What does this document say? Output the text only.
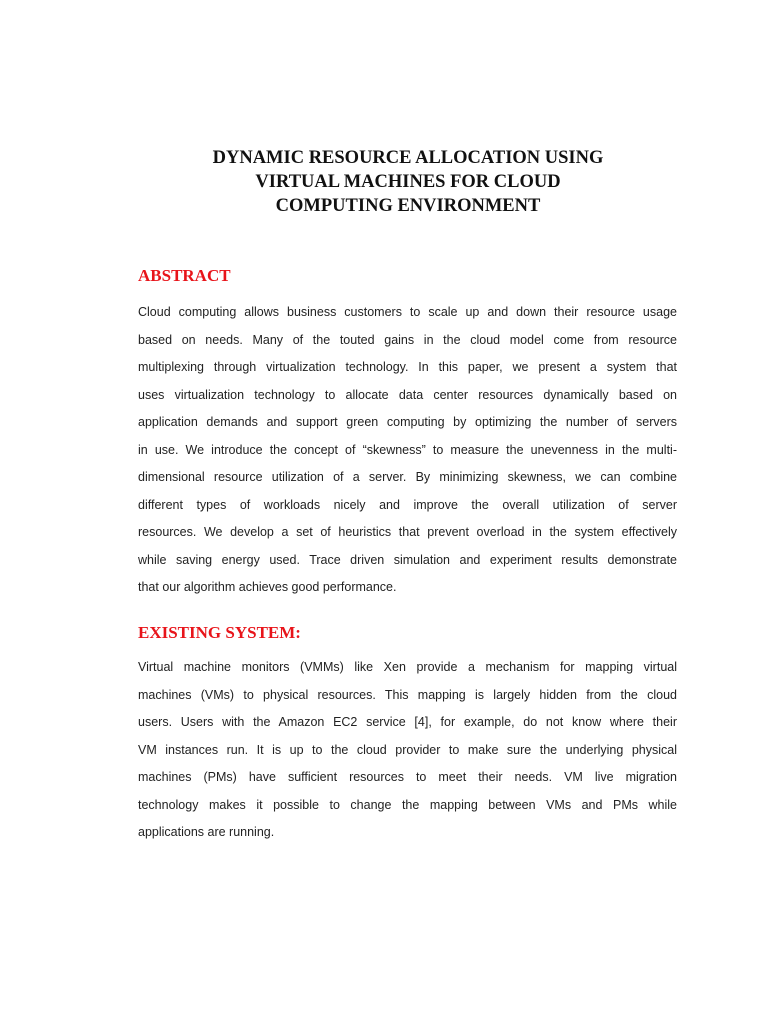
DYNAMIC RESOURCE ALLOCATION USING
VIRTUAL MACHINES FOR CLOUD
COMPUTING ENVIRONMENT
ABSTRACT
Cloud computing allows business customers to scale up and down their resource usage
based on needs. Many of the touted gains in the cloud model come from resource
multiplexing through virtualization technology. In this paper, we present a system that
uses virtualization technology to allocate data center resources dynamically based on
application demands and support green computing by optimizing the number of servers
in use. We introduce the concept of “skewness” to measure the unevenness in the multi-
dimensional resource utilization of a server. By minimizing skewness, we can combine
different types of workloads nicely and improve the overall utilization of server
resources. We develop a set of heuristics that prevent overload in the system effectively
while saving energy used. Trace driven simulation and experiment results demonstrate
that our algorithm achieves good performance.
EXISTING SYSTEM:
Virtual machine monitors (VMMs) like Xen provide a mechanism for mapping virtual
machines (VMs) to physical resources. This mapping is largely hidden from the cloud
users. Users with the Amazon EC2 service [4], for example, do not know where their
VM instances run. It is up to the cloud provider to make sure the underlying physical
machines (PMs) have sufficient resources to meet their needs. VM live migration
technology makes it possible to change the mapping between VMs and PMs while
applications are running.
